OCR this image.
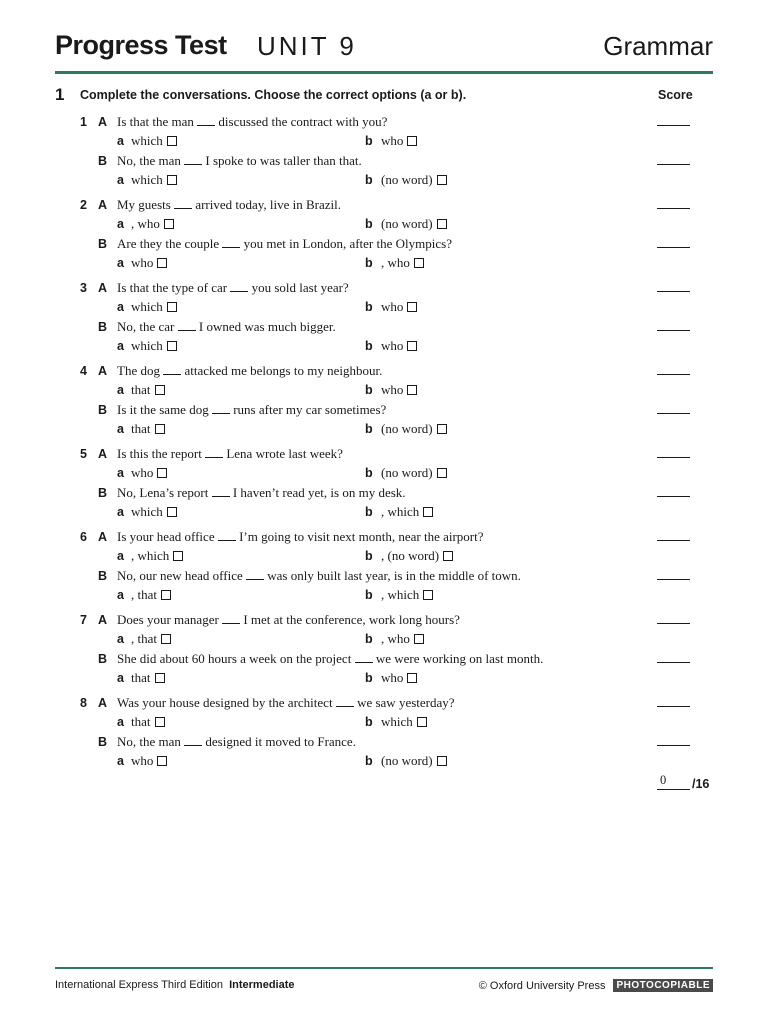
Progress Test UNIT 9	Grammar
1 Complete the conversations. Choose the correct options (a or b).	Score
1 A Is that the man discussed the contract with you?
a which	b who
B No, the man I spoke to was taller than that.
a which	b (no word)
2 A My guests arrived today, live in Brazil.
a , who	b (no word)
B Are they the couple you met in London, after the Olympics?
a who	b , who
3 A Is that the type of car you sold last year?
a which	b who
B No, the car I owned was much bigger.
a which	b who
4 A The dog attacked me belongs to my neighbour.
a that	b who
B Is it the same dog runs after my car sometimes?
a that	b (no word)
5 A Is this the report Lena wrote last week?
a who	b (no word)
B No, Lena’s report I haven’t read yet, is on my desk.
a which	b , which
6 A Is your head office I’m going to visit next month, near the airport?
a , which	b , (no word)
B No, our new head office was only built last year, is in the middle of town.
a , that	b , which
7 A Does your manager I met at the conference, work long hours?
a , that	b , who
B She did about 60 hours a week on the project we were working on last month.
a that	b who
8 A Was your house designed by the architect we saw yesterday?
a that	b which
B No, the man designed it moved to France.
a who	b (no word)
0 /16
International Express Third Edition Intermediate	© Oxford University Press	PHOTOCOPIABLE
